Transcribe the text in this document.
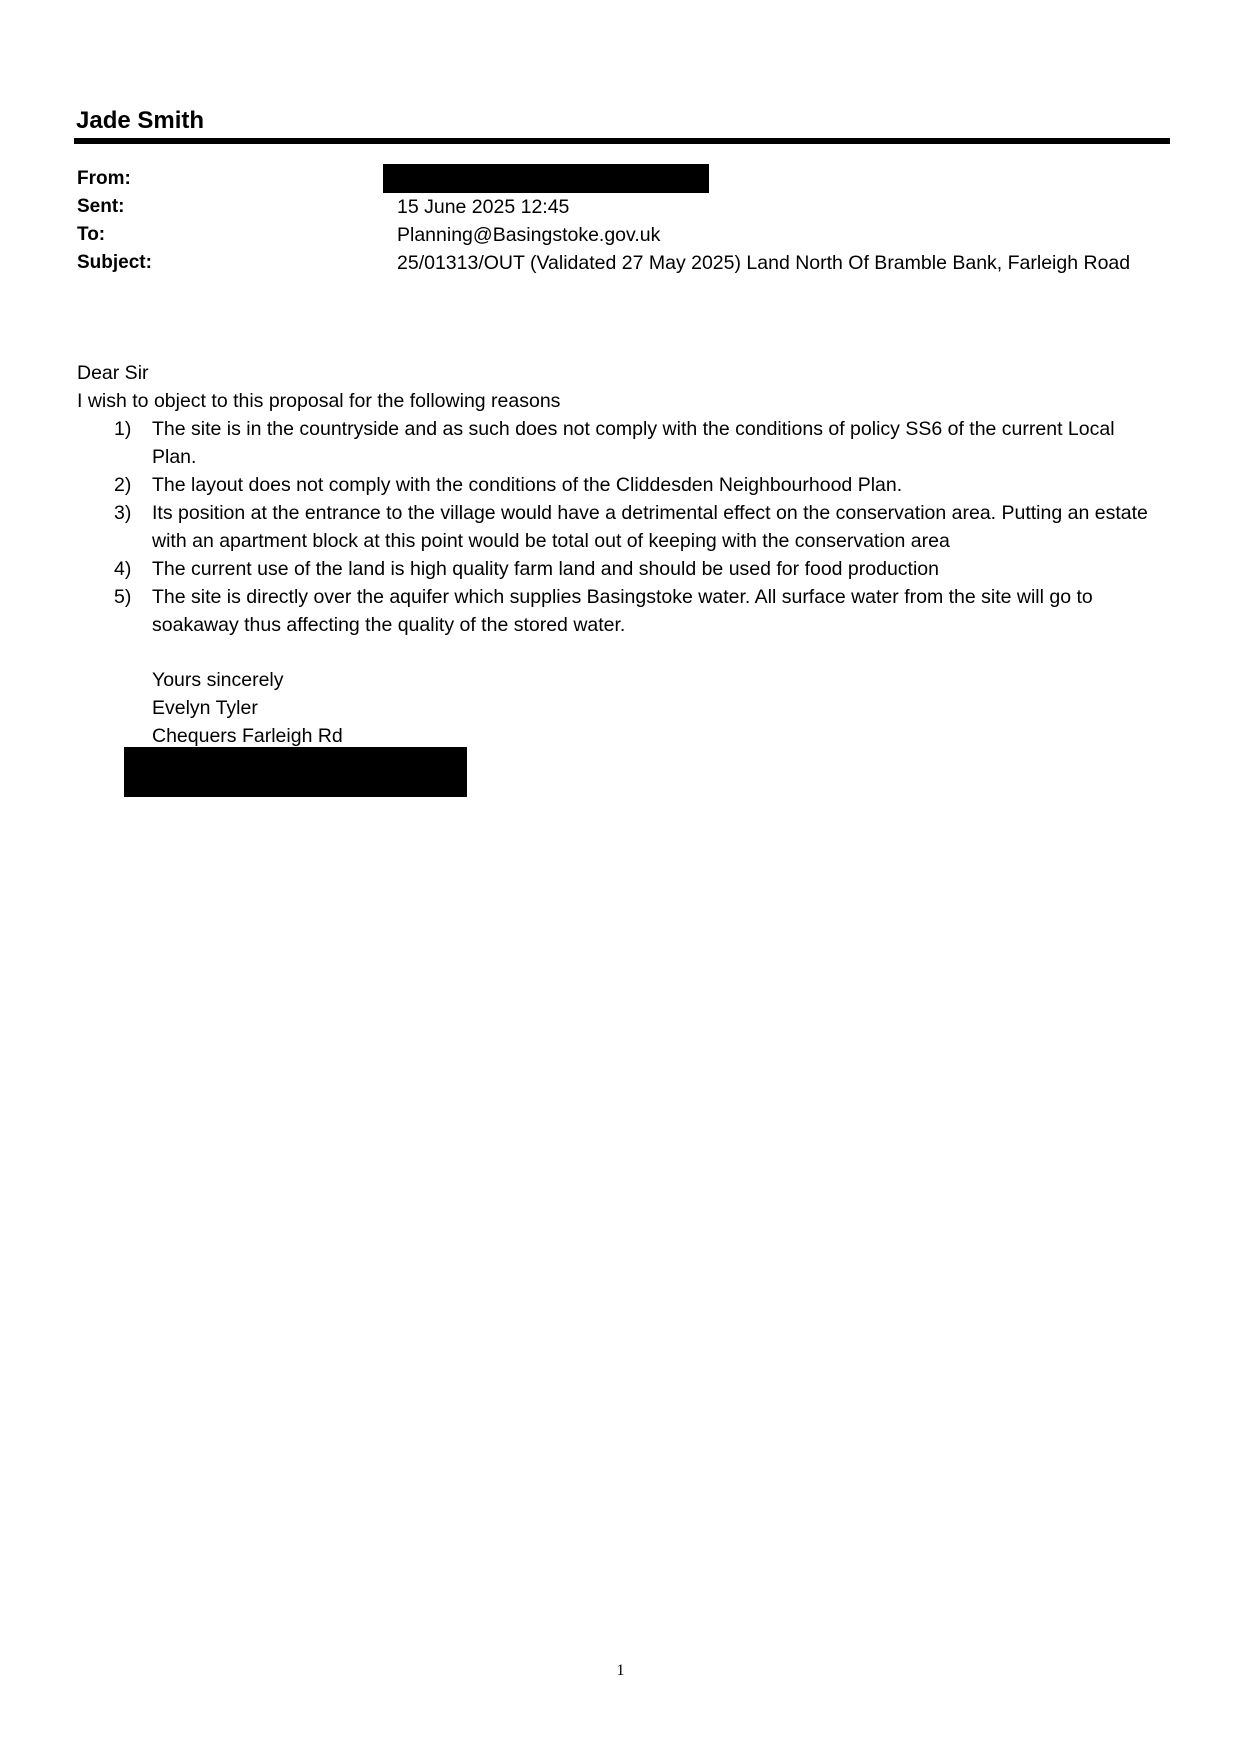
Jade Smith
From:
Sent:	15 June 2025 12:45
To:	Planning@Basingstoke.gov.uk
Subject:	25/01313/OUT (Validated 27 May 2025) Land North Of Bramble Bank, Farleigh Road
Dear Sir
I wish to object to this proposal for the following reasons
1) The site is in the countryside and as such does not comply with the conditions of policy SS6 of the current Local Plan.
2) The layout does not comply with the conditions of the Cliddesden Neighbourhood Plan.
3) Its position at the entrance to the village would have a detrimental effect on the conservation area. Putting an estate with an apartment block at this point would be total out of keeping with the conservation area
4) The current use of the land is high quality farm land and should be used for food production
5) The site is directly over the aquifer which supplies Basingstoke water. All surface water from the site will go to soakaway thus affecting the quality of the stored water.
Yours sincerely
Evelyn Tyler
Chequers Farleigh Rd
1
